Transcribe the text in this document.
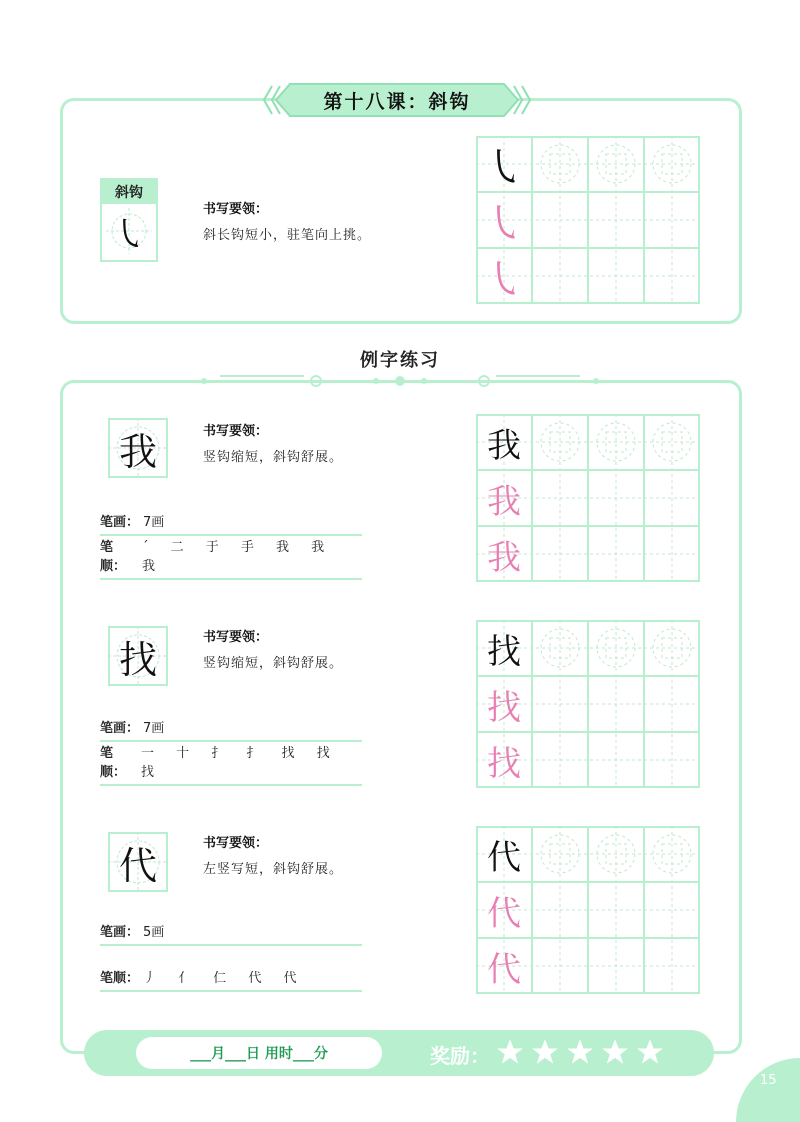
第十八课：斜钩
斜钩
㇂
书写要领：
斜长钩短小，驻笔向上挑。
㇂
㇂
㇂
例字练习
我	书写要领：
竖钩缩短，斜钩舒展。
笔画： 7画
笔顺：
ˊ 二 于 手 我 我 我
我
我
我
找	书写要领：
竖钩缩短，斜钩舒展。
笔画： 7画
笔顺：
一 十 扌 扌 找 找 找
找
找
找
代	书写要领：
左竖写短，斜钩舒展。
笔画： 5画
笔顺： 丿 亻 仁 代 代
代
代
代
___月___日 用时___分	奖励：
15
